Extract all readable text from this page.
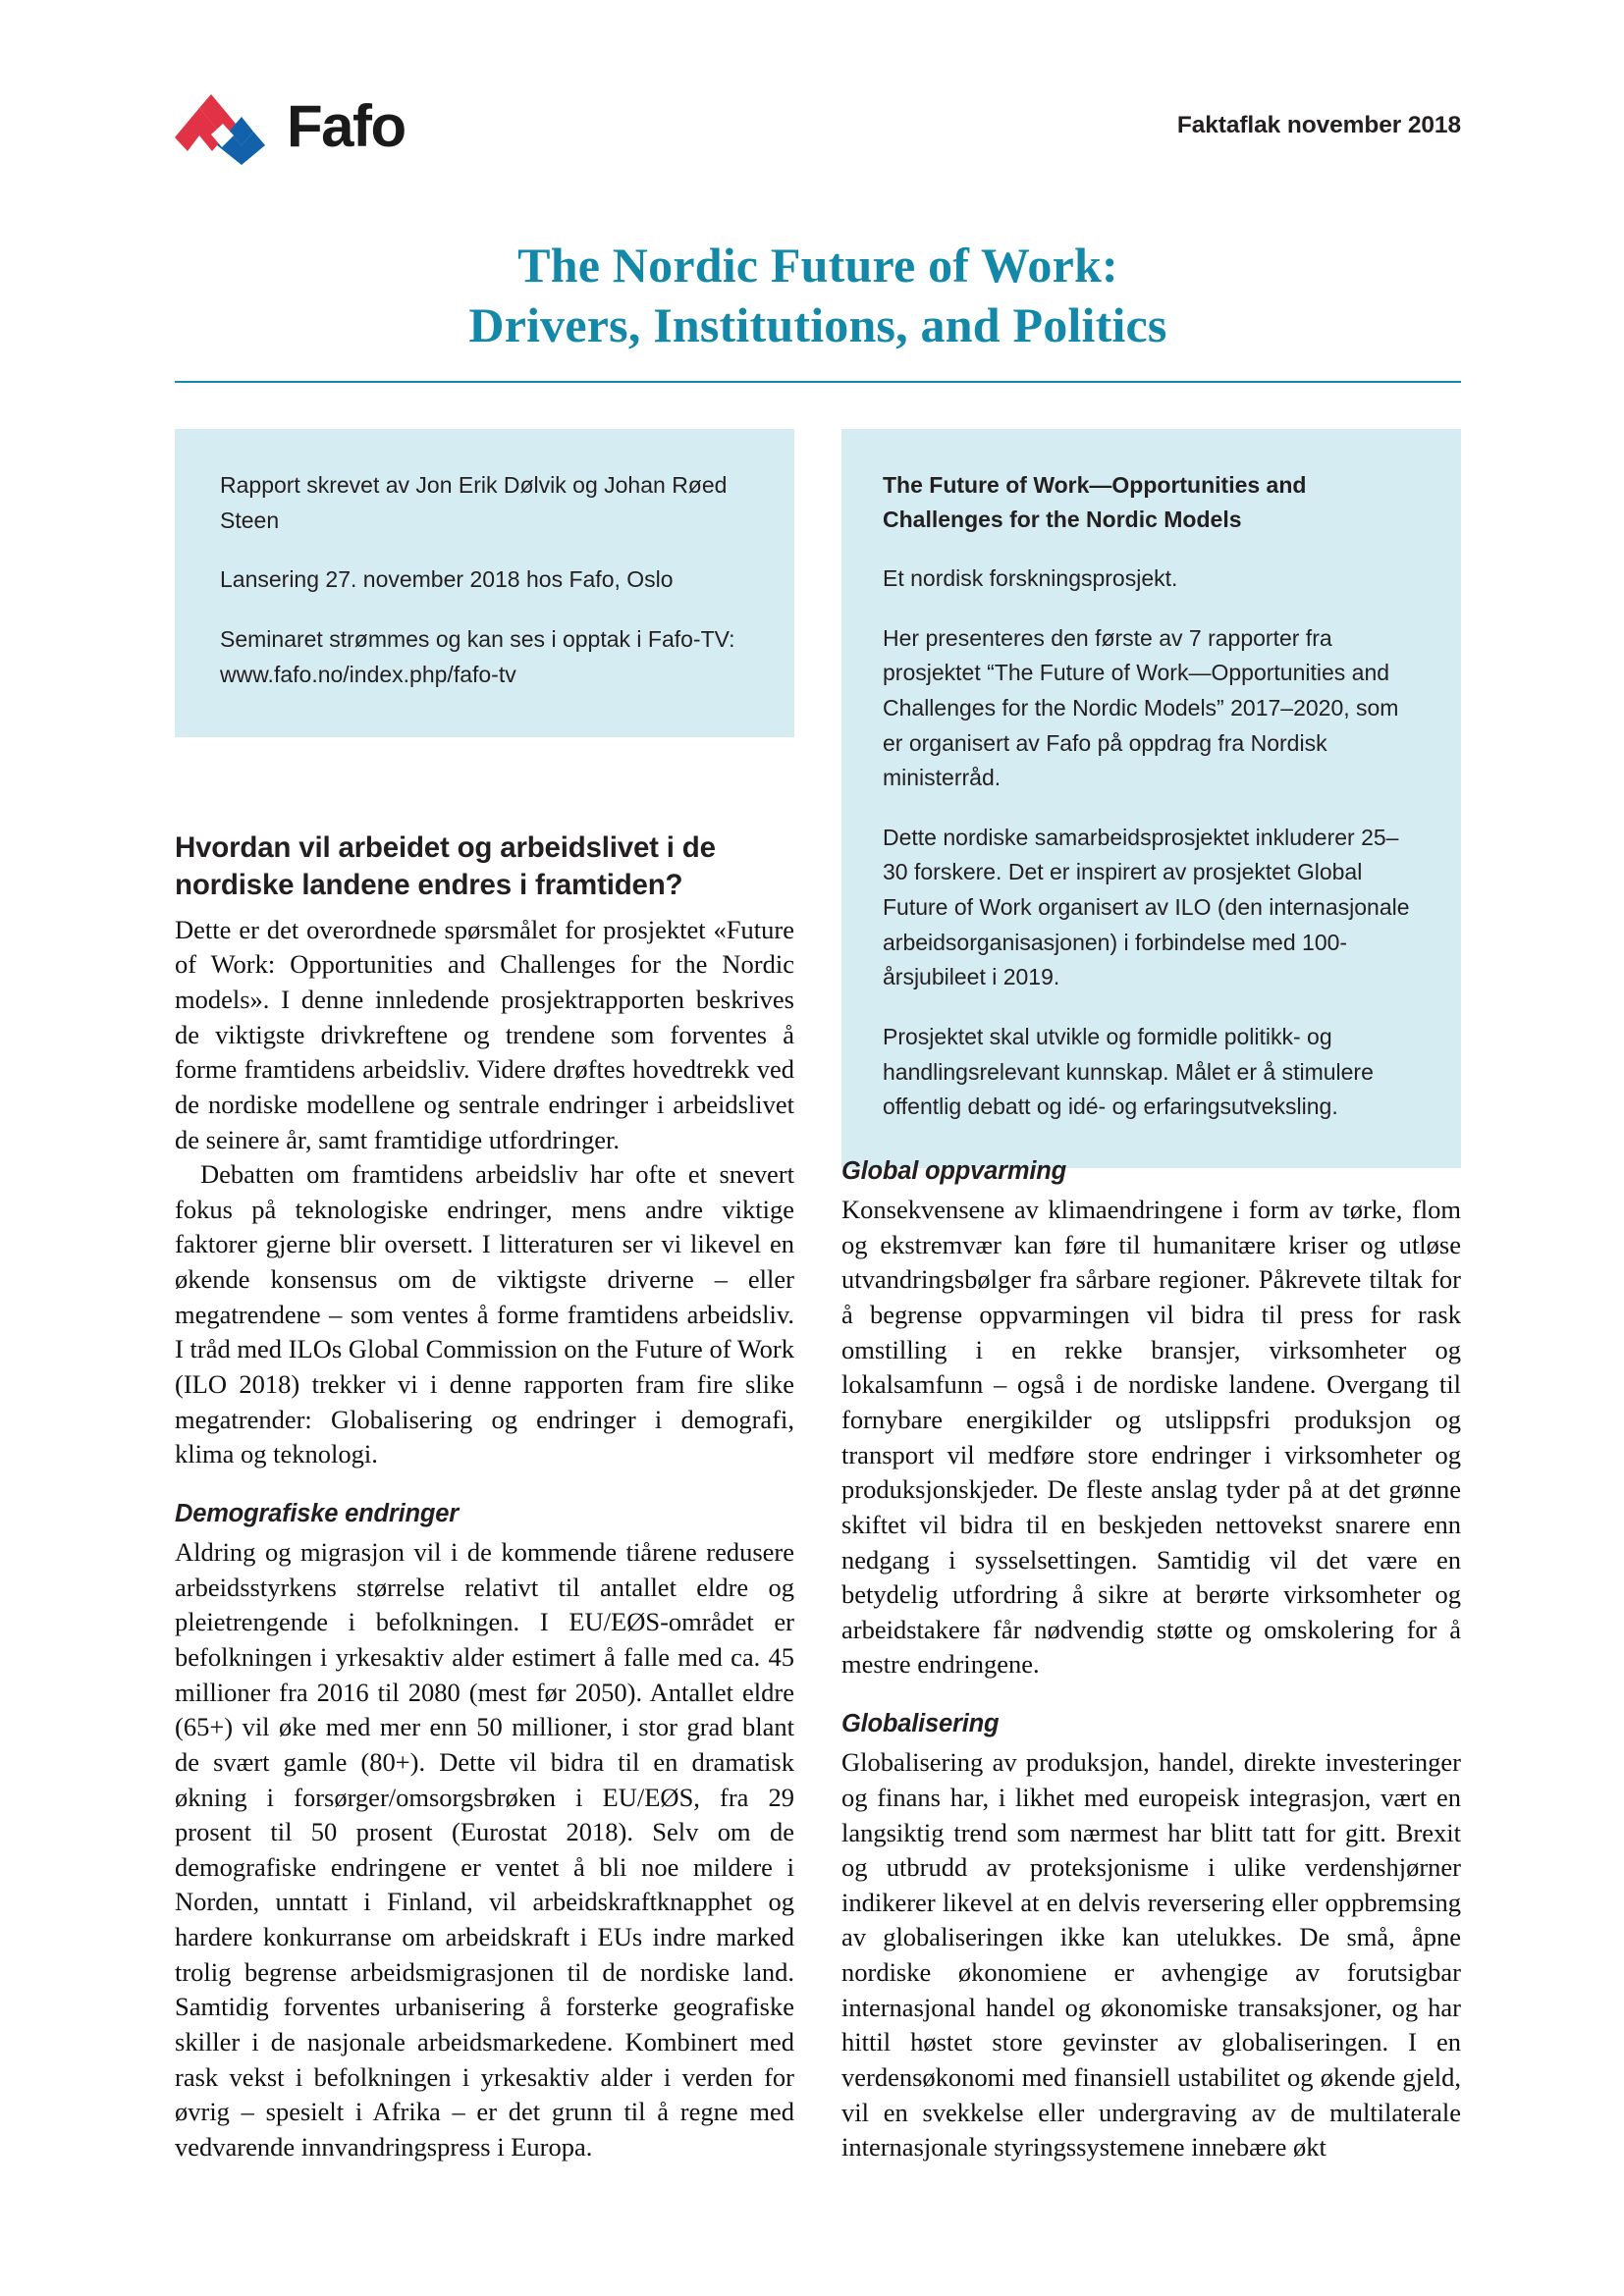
Fafo	Faktaflak november 2018
The Nordic Future of Work:
Drivers, Institutions, and Politics

Rapport skrevet av Jon Erik Dølvik og Johan Røed Steen

Lansering 27. november 2018 hos Fafo, Oslo

Seminaret strømmes og kan ses i opptak i Fafo-TV: www.fafo.no/index.php/fafo-tv

The Future of Work—Opportunities and Challenges for the Nordic Models

Et nordisk forskningsprosjekt.

Her presenteres den første av 7 rapporter fra prosjektet “The Future of Work—Opportunities and Challenges for the Nordic Models” 2017–2020, som er organisert av Fafo på oppdrag fra Nordisk ministerråd.

Dette nordiske samarbeidsprosjektet inkluderer 25–30 forskere. Det er inspirert av prosjektet Global Future of Work organisert av ILO (den internasjonale arbeidsorganisasjonen) i forbindelse med 100-årsjubileet i 2019.

Prosjektet skal utvikle og formidle politikk- og handlingsrelevant kunnskap. Målet er å stimulere offentlig debatt og idé- og erfaringsutveksling.

Hvordan vil arbeidet og arbeidslivet i de nordiske landene endres i framtiden?

Dette er det overordnede spørsmålet for prosjektet «Future of Work: Opportunities and Challenges for the Nordic models». I denne innledende prosjektrapporten beskrives de viktigste drivkreftene og trendene som forventes å forme framtidens arbeidsliv. Videre drøftes hovedtrekk ved de nordiske modellene og sentrale endringer i arbeidslivet de seinere år, samt framtidige utfordringer.

Debatten om framtidens arbeidsliv har ofte et snevert fokus på teknologiske endringer, mens andre viktige faktorer gjerne blir oversett. I litteraturen ser vi likevel en økende konsensus om de viktigste driverne – eller megatrendene – som ventes å forme framtidens arbeidsliv. I tråd med ILOs Global Commission on the Future of Work (ILO 2018) trekker vi i denne rapporten fram fire slike megatrender: Globalisering og endringer i demografi, klima og teknologi.

Demografiske endringer

Aldring og migrasjon vil i de kommende tiårene redusere arbeidsstyrkens størrelse relativt til antallet eldre og pleietrengende i befolkningen. I EU/EØS-området er befolkningen i yrkesaktiv alder estimert å falle med ca. 45 millioner fra 2016 til 2080 (mest før 2050). Antallet eldre (65+) vil øke med mer enn 50 millioner, i stor grad blant de svært gamle (80+). Dette vil bidra til en dramatisk økning i forsørger/omsorgsbrøken i EU/EØS, fra 29 prosent til 50 prosent (Eurostat 2018). Selv om de demografiske endringene er ventet å bli noe mildere i Norden, unntatt i Finland, vil arbeidskraftknapphet og hardere konkurranse om arbeidskraft i EUs indre marked trolig begrense arbeidsmigrasjonen til de nordiske land. Samtidig forventes urbanisering å forsterke geografiske skiller i de nasjonale arbeidsmarkedene. Kombinert med rask vekst i befolkningen i yrkesaktiv alder i verden for øvrig – spesielt i Afrika – er det grunn til å regne med vedvarende innvandringspress i Europa.

Global oppvarming

Konsekvensene av klimaendringene i form av tørke, flom og ekstremvær kan føre til humanitære kriser og utløse utvandringsbølger fra sårbare regioner. Påkrevete tiltak for å begrense oppvarmingen vil bidra til press for rask omstilling i en rekke bransjer, virksomheter og lokalsamfunn – også i de nordiske landene. Overgang til fornybare energikilder og utslippsfri produksjon og transport vil medføre store endringer i virksomheter og produksjonskjeder. De fleste anslag tyder på at det grønne skiftet vil bidra til en beskjeden nettovekst snarere enn nedgang i sysselsettingen. Samtidig vil det være en betydelig utfordring å sikre at berørte virksomheter og arbeidstakere får nødvendig støtte og omskolering for å mestre endringene.

Globalisering

Globalisering av produksjon, handel, direkte investeringer og finans har, i likhet med europeisk integrasjon, vært en langsiktig trend som nærmest har blitt tatt for gitt. Brexit og utbrudd av proteksjonisme i ulike verdenshjørner indikerer likevel at en delvis reversering eller oppbremsing av globaliseringen ikke kan utelukkes. De små, åpne nordiske økonomiene er avhengige av forutsigbar internasjonal handel og økonomiske transaksjoner, og har hittil høstet store gevinster av globaliseringen. I en verdensøkonomi med finansiell ustabilitet og økende gjeld, vil en svekkelse eller undergraving av de multilaterale internasjonale styringssystemene innebære økt
